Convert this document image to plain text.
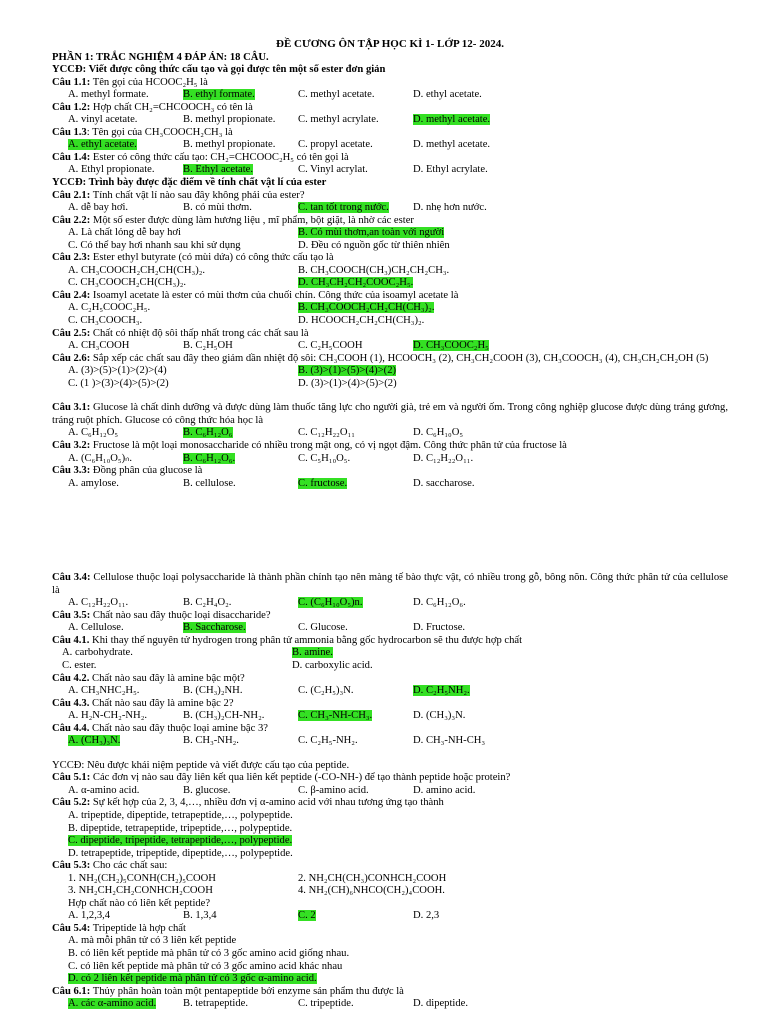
ĐỀ CƯƠNG ÔN TẬP HỌC KÌ 1- LỚP 12- 2024.
PHẦN 1: TRẮC NGHIỆM 4 ĐÁP ÁN: 18 CÂU.
YCCĐ: Viết được công thức cấu tạo và gọi được tên một số ester đơn giản
Câu 1.1: Tên gọi của HCOOC₂H₅ là
A. methyl formate.	B. ethyl formate.	C. methyl acetate.	D. ethyl acetate.
Câu 1.2: Hợp chất CH₂=CHCOOCH₃ có tên là
A. vinyl acetate.	B. methyl propionate. C. methyl acrylate.	D. methyl acetate.
Câu 1.3: Tên gọi của CH₃COOCH₂CH₃ là
A. ethyl acetate.	B. methyl propionate. C. propyl acetate.	D. methyl acetate.
Câu 1.4: Ester có công thức cấu tạo: CH₂=CHCOOC₂H₅ có tên gọi là
A. Ethyl propionate.	B. Ethyl acetate.	C. Vinyl acrylat.	D. Ethyl acrylate.
YCCĐ: Trình bày được đặc điểm về tính chất vật lí của ester
Câu 2.1: Tính chất vật lí nào sau đây không phải của ester?
A. dễ bay hơi.	B. có mùi thơm.	C. tan tốt trong nước. D. nhẹ hơn nước.
Câu 2.2: Một số ester được dùng làm hương liệu , mĩ phẩm, bột giặt, là nhờ các ester
A. Là chất lỏng dễ bay hơi	B. Có mùi thơm,an toàn với người
C. Có thể bay hơi nhanh sau khi sử dụng	D. Đều có nguồn gốc từ thiên nhiên
Câu 2.3: Ester ethyl butyrate (có mùi dứa) có công thức cấu tạo là
A. CH₃COOCH₂CH₂CH(CH₃)₂.	B. CH₃COOCH(CH₃)CH₂CH₂CH₃.
C. CH₃COOCH₂CH(CH₃)₂.	D. CH₃CH₂CH₂COOC₂H₅.
Câu 2.4: Isoamyl acetate là ester có mùi thơm của chuối chín. Công thức của isoamyl acetate là
A. C₂H₅COOC₂H₅.	B. CH₃COOCH₂CH₂CH(CH₃)₂.
C. CH₃COOCH₃.	D. HCOOCH₂CH₂CH(CH₃)₂.
Câu 2.5: Chất có nhiệt độ sôi thấp nhất trong các chất sau là
A. CH₃COOH	B. C₂H₅OH	C. C₂H₅COOH	D. CH₃COOC₂H₅
Câu 2.6: Sắp xếp các chất sau đây theo giảm dần nhiệt độ sôi: CH₃COOH (1), HCOOCH₃ (2), CH₃CH₂COOH (3), CH₃COOCH₃ (4), CH₃CH₂CH₂OH (5)
A. (3)>(5)>(1)>(2)>(4)	B. (3)>(1)>(5)>(4)>(2)
C. (1 )>(3)>(4)>(5)>(2)	D. (3)>(1)>(4)>(5)>(2)
Câu 3.1: Glucose là chất dinh dưỡng và được dùng làm thuốc tăng lực cho người già, trẻ em và người ốm. Trong công nghiệp glucose được dùng tráng gương, tráng ruột phích. Glucose có công thức hóa học là
A. C₆H₁₂O₅	B. C₆H₁₂O₆	C. C₁₂H₂₂O₁₁	D. C₆H₁₀O₅
Câu 3.2: Fructose là một loại monosaccharide có nhiều trong mật ong, có vị ngọt đậm. Công thức phân tử của fructose là
A. (C₆H₁₀O₅)ₙ.	B. C₆H₁₂O₆.	C. C₅H₁₀O₅.	D. C₁₂H₂₂O₁₁.
Câu 3.3: Đồng phân của glucose là
A. amylose.	B. cellulose.	C. fructose.	D. saccharose.
Câu 3.4: Cellulose thuộc loại polysaccharide là thành phần chính tạo nên màng tế bào thực vật, có nhiều trong gỗ, bông nõn. Công thức phân tử của cellulose là
A. C₁₂H₂₂O₁₁.	B. C₂H₄O₂.	C. (C₆H₁₀O₅)n.	D. C₆H₁₂O₆.
Câu 3.5: Chất nào sau đây thuộc loại disaccharide?
A. Cellulose.	B. Saccharose.	C. Glucose.	D. Fructose.
Câu 4.1. Khi thay thế nguyên tử hydrogen trong phân tử ammonia bằng gốc hydrocarbon sẽ thu được hợp chất
A. carbohydrate.	B. amine.
C. ester.	D. carboxylic acid.
Câu 4.2. Chất nào sau đây là amine bậc một?
A. CH₃NHC₂H₅.	B. (CH₃)₂NH.	C. (C₂H₅)₃N.	D. C₂H₅NH₂.
Câu 4.3. Chất nào sau đây là amine bậc 2?
A. H₂N-CH₂-NH₂.	B. (CH₃)₂CH-NH₂.	C. CH₃-NH-CH₃.	D. (CH₃)₃N.
Câu 4.4. Chất nào sau đây thuộc loại amine bậc 3?
A. (CH₃)₃N.	B. CH₃-NH₂.	C. C₂H₅-NH₂.	D. CH₃-NH-CH₃
YCCĐ: Nêu được khái niệm peptide và viết được cấu tạo của peptide.
Câu 5.1: Các đơn vị nào sau đây liên kết qua liên kết peptide (-CO-NH-) để tạo thành peptide hoặc protein?
A. α-amino acid.	B. glucose.	C. β-amino acid.	D. amino acid.
Câu 5.2: Sự kết hợp của 2, 3, 4,…, nhiều đơn vị α-amino acid với nhau tương ứng tạo thành
A. tripeptide, dipeptide, tetrapeptide,…, polypeptide.
B. dipeptide, tetrapeptide, tripeptide,…, polypeptide.
C. dipeptide, tripeptide, tetrapeptide,…, polypeptide.
D. tetrapeptide, tripeptide, dipeptide,…, polypeptide.
Câu 5.3: Cho các chất sau:
1. NH₂(CH₂)₅CONH(CH₂)₅COOH	2. NH₂CH(CH₃)CONHCH₂COOH
3. NH₂CH₂CH₂CONHCH₂COOH	4. NH₂(CH)₆NHCO(CH₂)₄COOH.
Hợp chất nào có liên kết peptide?
A. 1,2,3,4	B. 1,3,4	C. 2	D. 2,3
Câu 5.4: Tripeptide là hợp chất
A. mà mỗi phân tử có 3 liên kết peptide
B. có liên kết peptide mà phân tử có 3 gốc amino acid giống nhau.
C. có liên kết peptide mà phân tử có 3 gốc amino acid khác nhau
D. có 2 liên kết peptide mà phân tử có 3 gốc α-amino acid.
Câu 6.1: Thủy phân hoàn toàn một pentapeptide bởi enzyme sản phẩm thu được là
A. các α-amino acid.	B. tetrapeptide.	C. tripeptide.	D. dipeptide.
